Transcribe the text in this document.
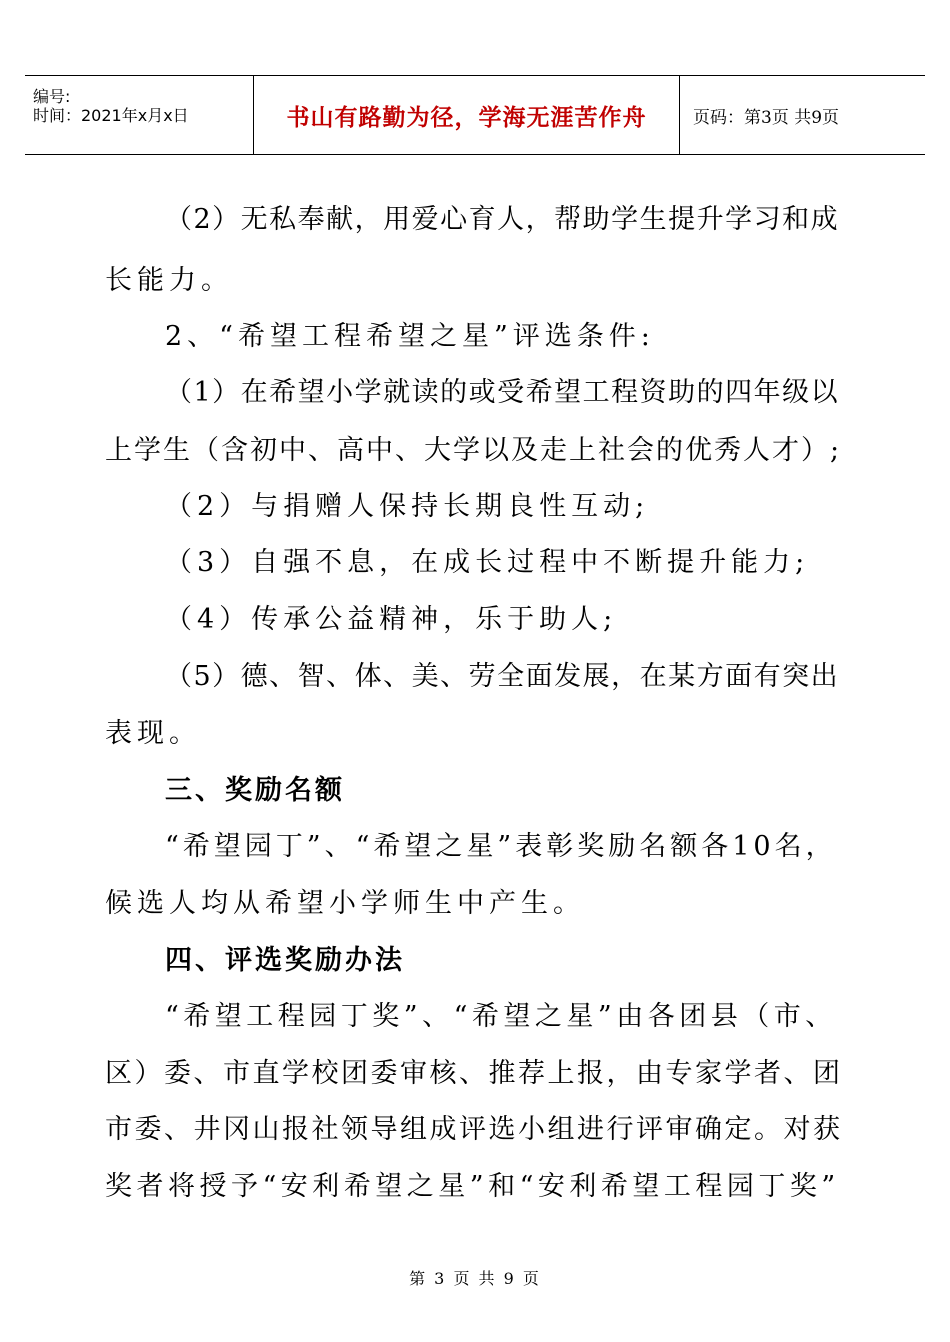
编号:
时间：2021年x月x日	书山有路勤为径，学海无涯苦作舟	页码：第3页 共9页
（2）无私奉献，用爱心育人，帮助学生提升学习和成
长能力。
2、“希望工程希望之星”评选条件:
（1）在希望小学就读的或受希望工程资助的四年级以
上学生（含初中、高中、大学以及走上社会的优秀人才）;
（2）与捐赠人保持长期良性互动;
（3）自强不息，在成长过程中不断提升能力;
（4）传承公益精神，乐于助人;
（5）德、智、体、美、劳全面发展，在某方面有突出
表现。
三、奖励名额
“希望园丁”、“希望之星”表彰奖励名额各10名，
候选人均从希望小学师生中产生。
四、评选奖励办法
“希望工程园丁奖”、“希望之星”由各团县（市、
区）委、市直学校团委审核、推荐上报，由专家学者、团
市委、井冈山报社领导组成评选小组进行评审确定。对获
奖者将授予“安利希望之星”和“安利希望工程园丁奖”
第 3 页 共 9 页
